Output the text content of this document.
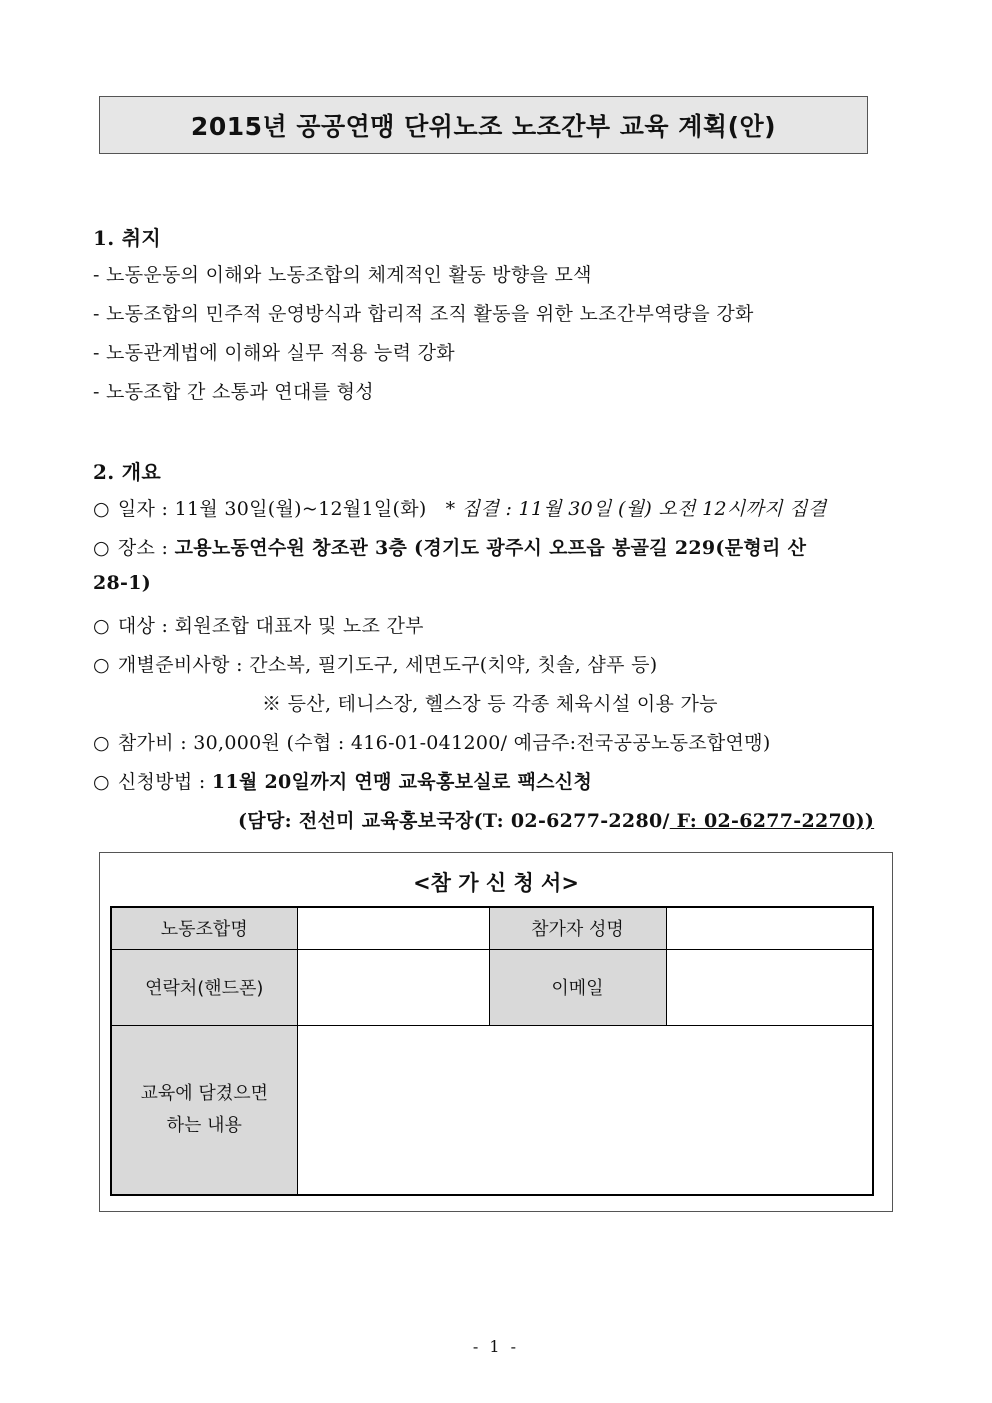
2015년 공공연맹 단위노조 노조간부 교육 계획(안)
1. 취지
- 노동운동의 이해와 노동조합의 체계적인 활동 방향을 모색
- 노동조합의 민주적 운영방식과 합리적 조직 활동을 위한 노조간부역량을 강화
- 노동관계법에 이해와 실무 적용 능력 강화
- 노동조합 간 소통과 연대를 형성
2. 개요
○ 일자 : 11월 30일(월)~12월1일(화) * 집결 : 11월 30일 (월) 오전 12시까지 집결
○ 장소 : 고용노동연수원 창조관 3층 (경기도 광주시 오프읍 봉골길 229(문형리 산
28-1)
○ 대상 : 회원조합 대표자 및 노조 간부
○ 개별준비사항 : 간소복, 필기도구, 세면도구(치약, 칫솔, 샴푸 등)
※ 등산, 테니스장, 헬스장 등 각종 체육시설 이용 가능
○ 참가비 : 30,000원 (수협 : 416-01-041200/ 예금주:전국공공노동조합연맹)
○ 신청방법 : 11월 20일까지 연맹 교육홍보실로 팩스신청
(담당: 전선미 교육홍보국장(T: 02-6277-2280/ F: 02-6277-2270))
<참 가 신 청 서>
노동조합명		참가자 성명	
연락처(핸드폰)		이메일	

교육에 담겼으면
하는 내용			

- 1 -
